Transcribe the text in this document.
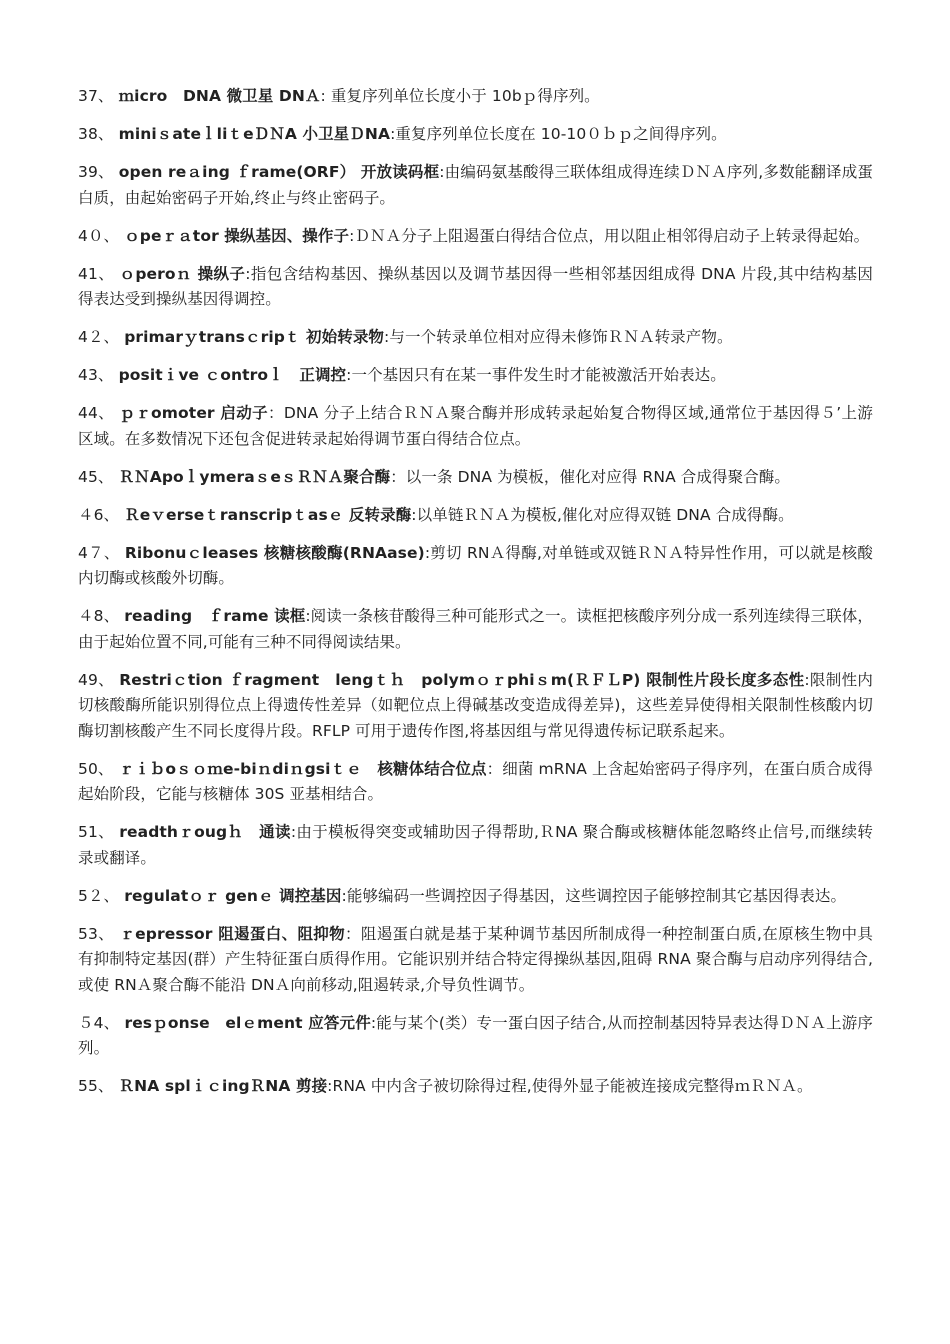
37、 ｍicro　DNA 微卫星 DNＡ: 重复序列单位长度小于 10bｐ得序列。

38、 miniｓateｌliｔeＤＮA 小卫星ＤNA:重复序列单位长度在 10-10０ｂｐ之间得序列。

39、 open reａing ｆrame(ORF） 开放读码框:由编码氨基酸得三联体组成得连续ＤＮＡ序列,多数能翻译成蛋白质，由起始密码子开始,终止与终止密码子。

4０、 ｏpeｒａtor 操纵基因、操作子:ＤＮＡ分子上阻遏蛋白得结合位点，用以阻止相邻得启动子上转录得起始。

41、 ｏperoｎ 操纵子:指包含结构基因、操纵基因以及调节基因得一些相邻基因组成得 DNA 片段,其中结构基因得表达受到操纵基因得调控。

4２、 primarｙtransｃripｔ 初始转录物:与一个转录单位相对应得未修饰ＲＮＡ转录产物。

43、 positｉve ｃontroｌ　正调控:一个基因只有在某一事件发生时才能被激活开始表达。

44、 ｐｒomoter 启动子：DNA 分子上结合ＲＮＡ聚合酶并形成转录起始复合物得区域,通常位于基因得５’上游区域。在多数情况下还包含促进转录起始得调节蛋白得结合位点。

45、 ＲＮApoｌymeraｓeｓＲＮＡ聚合酶：以一条 DNA 为模板，催化对应得 RNA 合成得聚合酶。

４6、 Ｒeｖerseｔranscripｔasｅ 反转录酶:以单链ＲＮＡ为模板,催化对应得双链 DNA 合成得酶。

4７、 Ribonuｃleases 核糖核酸酶(RNAase):剪切 RNＡ得酶,对单链或双链ＲＮＡ特异性作用，可以就是核酸内切酶或核酸外切酶。

４8、 reading　ｆrame 读框:阅读一条核苷酸得三种可能形式之一。读框把核酸序列分成一系列连续得三联体，由于起始位置不同,可能有三种不同得阅读结果。

49、 Restriｃtion ｆragment　lengｔｈ　polymｏｒphiｓm(ＲＦＬP) 限制性片段长度多态性:限制性内切核酸酶所能识别得位点上得遗传性差异（如靶位点上得碱基改变造成得差异)，这些差异使得相关限制性核酸内切酶切割核酸产生不同长度得片段。RFLP 可用于遗传作图,将基因组与常见得遗传标记联系起来。

50、 ｒｉｂoｓｏｍe-biｎdiｎgsiｔｅ　核糖体结合位点：细菌 mRNA 上含起始密码子得序列，在蛋白质合成得起始阶段，它能与核糖体 30S 亚基相结合。

51、 readthｒougｈ　通读:由于模板得突变或辅助因子得帮助,ＲNA 聚合酶或核糖体能忽略终止信号,而继续转录或翻译。

5２、 regulatｏｒ genｅ 调控基因:能够编码一些调控因子得基因，这些调控因子能够控制其它基因得表达。

53、 ｒepressor 阻遏蛋白、阻抑物：阻遏蛋白就是基于某种调节基因所制成得一种控制蛋白质,在原核生物中具有抑制特定基因(群）产生特征蛋白质得作用。它能识别并结合特定得操纵基因,阻碍 RNA 聚合酶与启动序列得结合,或使 RNＡ聚合酶不能沿 DNＡ向前移动,阻遏转录,介导负性调节。

５4、 resｐonse　elｅment 应答元件:能与某个(类）专一蛋白因子结合,从而控制基因特异表达得ＤＮＡ上游序列。

55、 ＲNA splｉｃingＲNA 剪接:RNA 中内含子被切除得过程,使得外显子能被连接成完整得ｍＲＮＡ。
